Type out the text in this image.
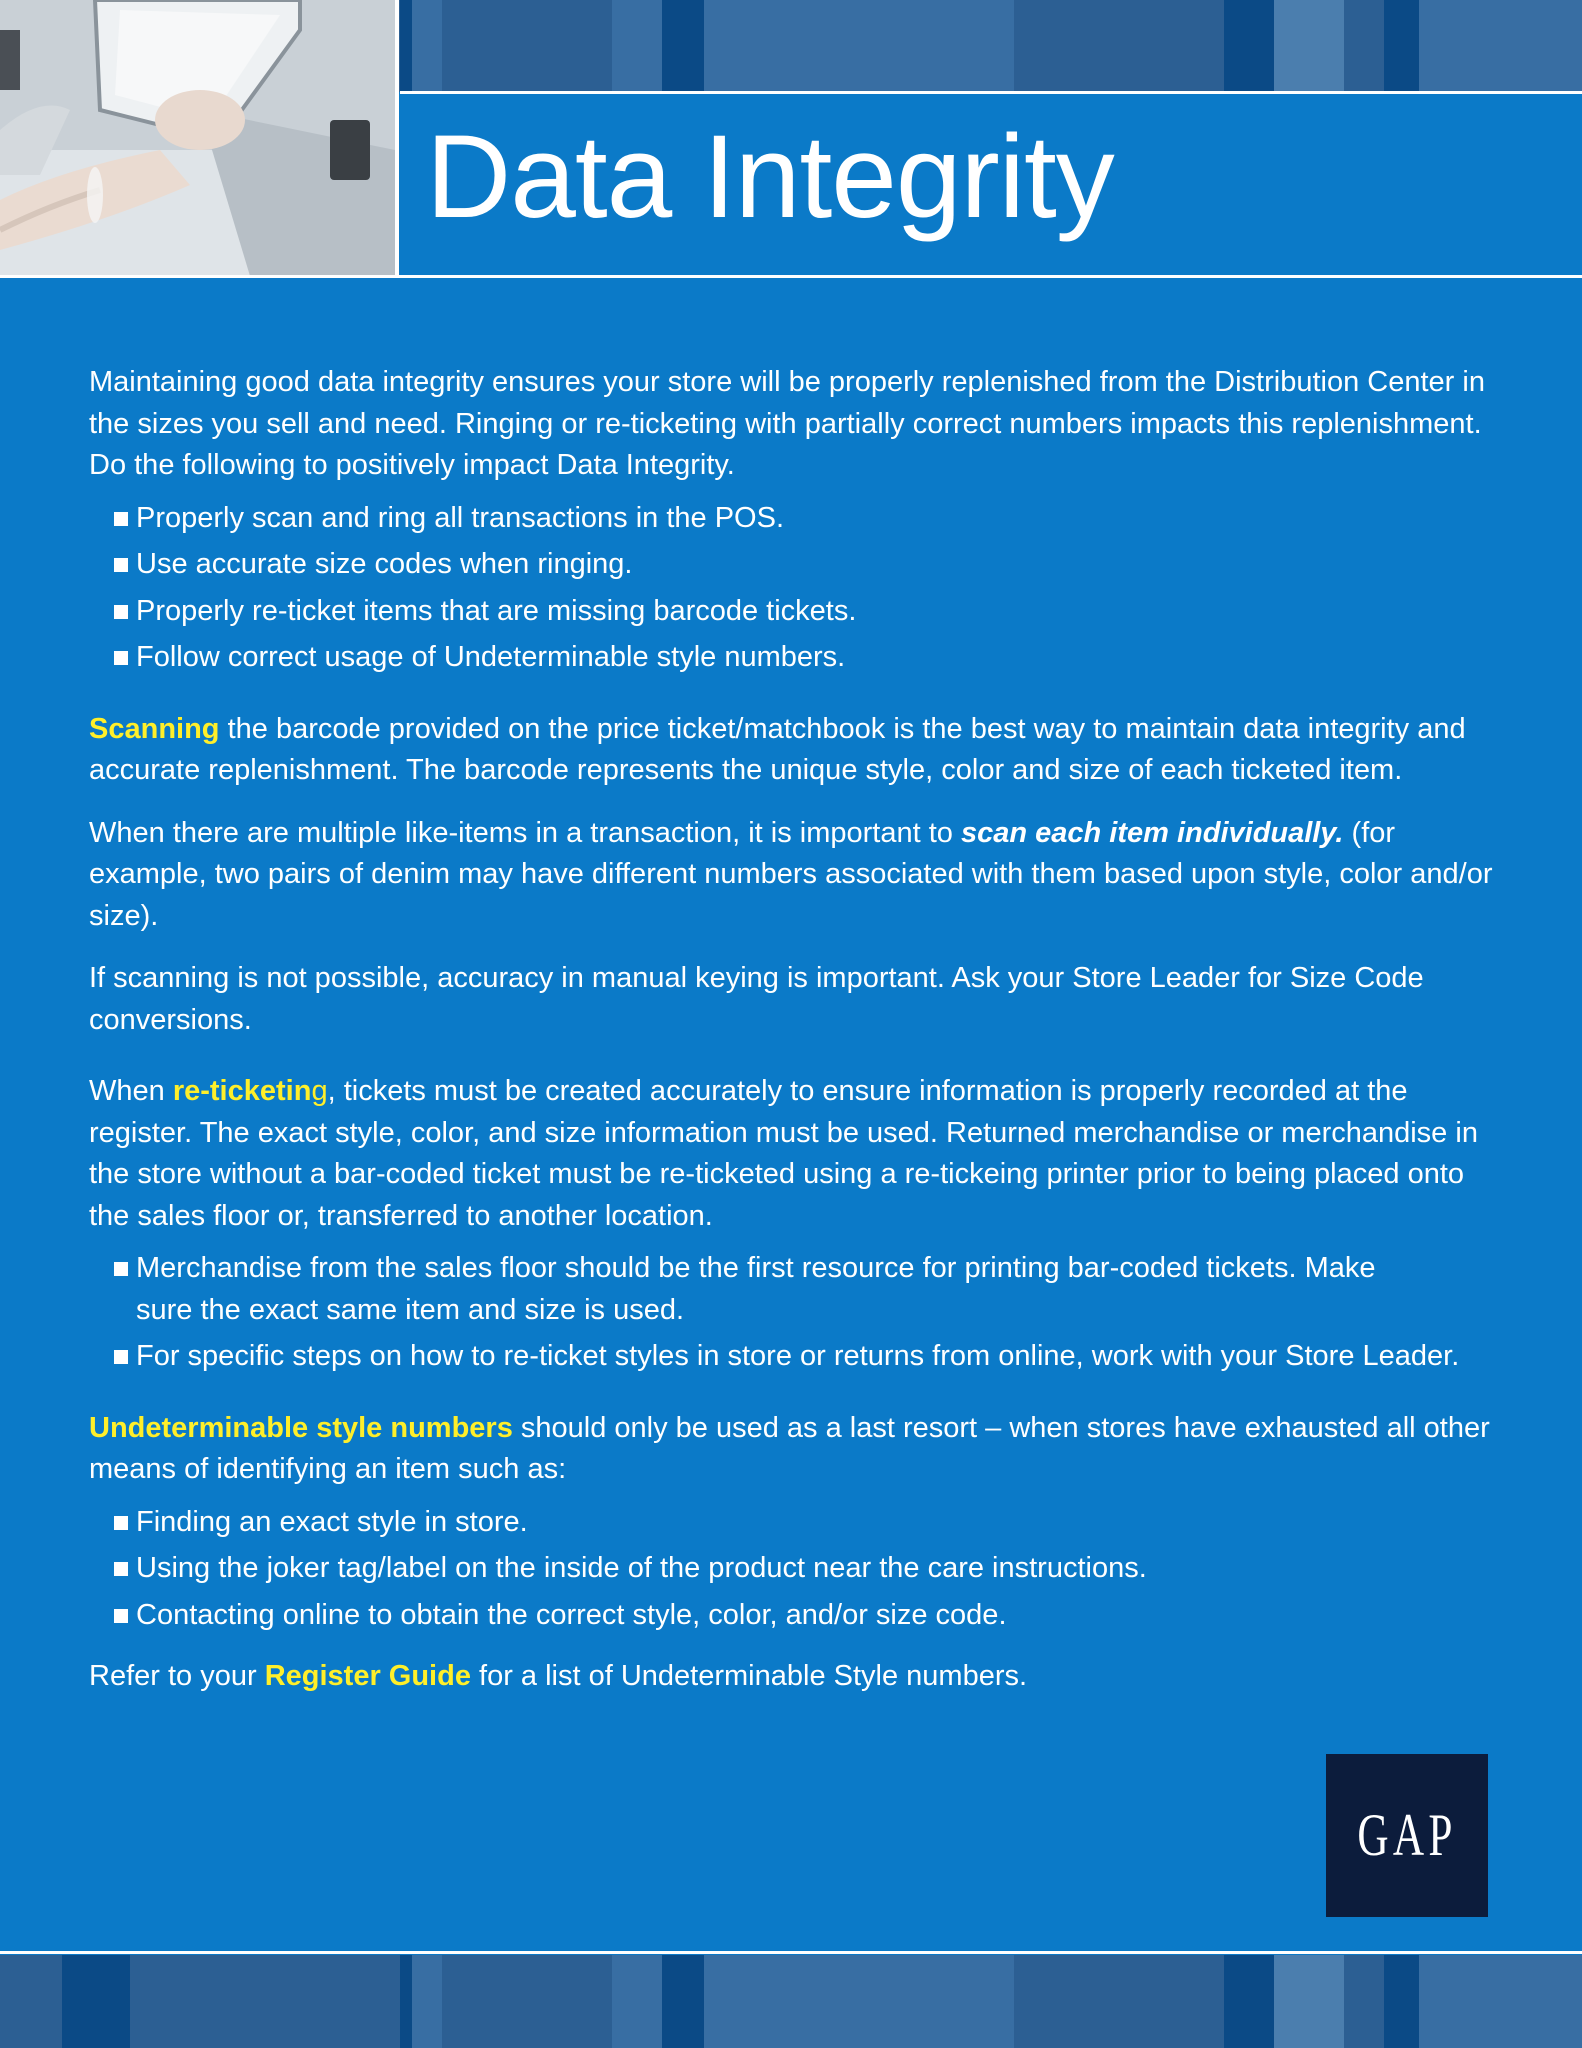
Data Integrity

Maintaining good data integrity ensures your store will be properly replenished from the Distribution Center in the sizes you sell and need. Ringing or re-ticketing with partially correct numbers impacts this replenishment. Do the following to positively impact Data Integrity.

Properly scan and ring all transactions in the POS.
Use accurate size codes when ringing.
Properly re-ticket items that are missing barcode tickets.
Follow correct usage of Undeterminable style numbers.

Scanning the barcode provided on the price ticket/matchbook is the best way to maintain data integrity and accurate replenishment. The barcode represents the unique style, color and size of each ticketed item.

When there are multiple like-items in a transaction, it is important to scan each item individually. (for example, two pairs of denim may have different numbers associated with them based upon style, color and/or size).

If scanning is not possible, accuracy in manual keying is important. Ask your Store Leader for Size Code conversions.

When re-ticketing, tickets must be created accurately to ensure information is properly recorded at the register. The exact style, color, and size information must be used. Returned merchandise or merchandise in the store without a bar-coded ticket must be re-ticketed using a re-tickeing printer prior to being placed onto the sales floor or, transferred to another location.

Merchandise from the sales floor should be the first resource for printing bar-coded tickets. Make sure the exact same item and size is used.
For specific steps on how to re-ticket styles in store or returns from online, work with your Store Leader.

Undeterminable style numbers should only be used as a last resort – when stores have exhausted all other means of identifying an item such as:

Finding an exact style in store.
Using the joker tag/label on the inside of the product near the care instructions.
Contacting online to obtain the correct style, color, and/or size code.

Refer to your Register Guide for a list of Undeterminable Style numbers.

GAP
